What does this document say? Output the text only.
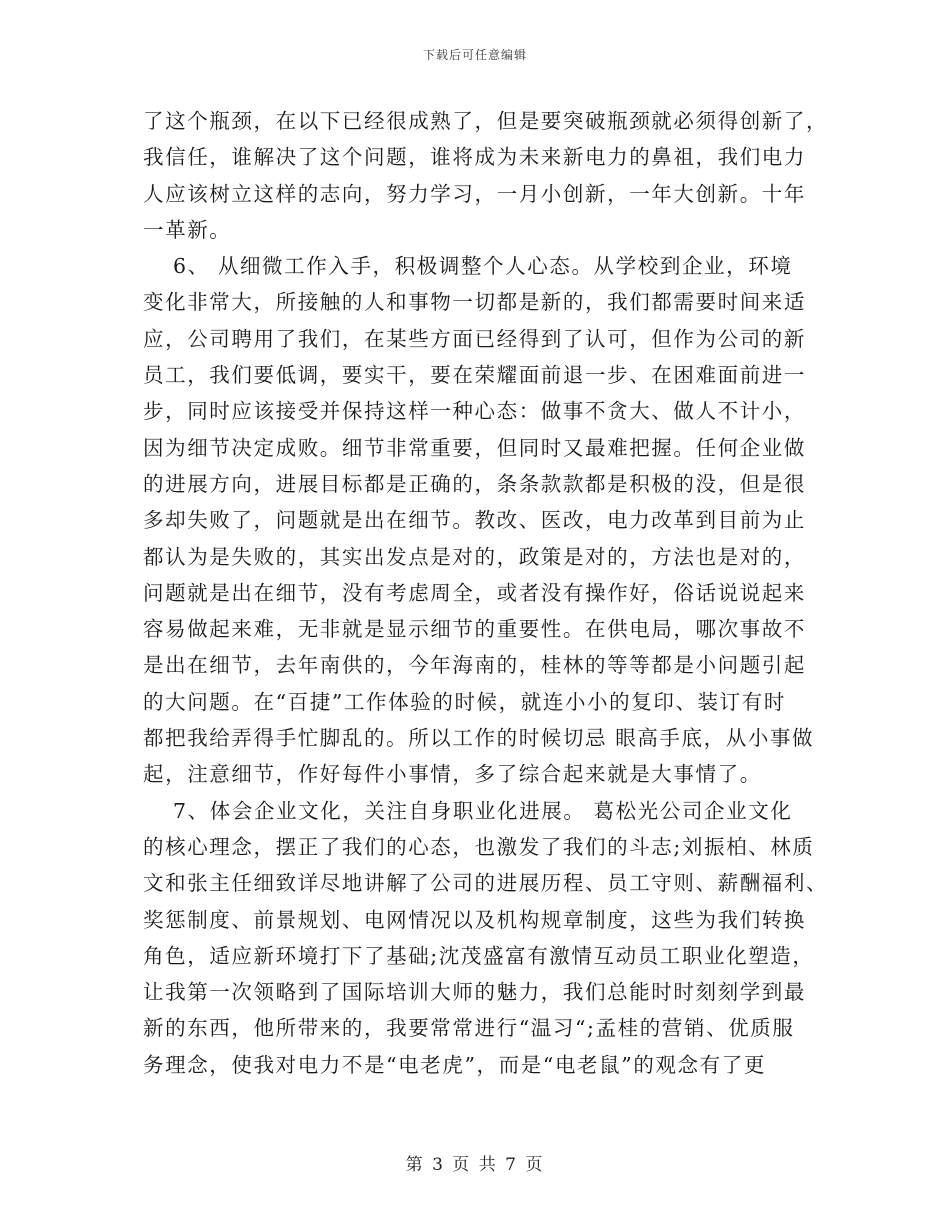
下载后可任意编辑
了这个瓶颈，在以下已经很成熟了，但是要突破瓶颈就必须得创新了，
我信任，谁解决了这个问题，谁将成为未来新电力的鼻祖，我们电力
人应该树立这样的志向，努力学习，一月小创新，一年大创新。十年
一革新。
6、 从细微工作入手，积极调整个人心态。从学校到企业，环境
变化非常大，所接触的人和事物一切都是新的，我们都需要时间来适
应，公司聘用了我们，在某些方面已经得到了认可，但作为公司的新
员工，我们要低调，要实干，要在荣耀面前退一步、在困难面前进一
步，同时应该接受并保持这样一种心态：做事不贪大、做人不计小，
因为细节决定成败。细节非常重要，但同时又最难把握。任何企业做
的进展方向，进展目标都是正确的，条条款款都是积极的没，但是很
多却失败了，问题就是出在细节。教改、医改，电力改革到目前为止
都认为是失败的，其实出发点是对的，政策是对的，方法也是对的，
问题就是出在细节，没有考虑周全，或者没有操作好，俗话说说起来
容易做起来难，无非就是显示细节的重要性。在供电局，哪次事故不
是出在细节，去年南供的，今年海南的，桂林的等等都是小问题引起
的大问题。在“百捷”工作体验的时候，就连小小的复印、装订有时
都把我给弄得手忙脚乱的。所以工作的时候切忌 眼高手底，从小事做
起，注意细节，作好每件小事情，多了综合起来就是大事情了。
7、体会企业文化，关注自身职业化进展。 葛松光公司企业文化
的核心理念，摆正了我们的心态，也激发了我们的斗志;刘振柏、林质
文和张主任细致详尽地讲解了公司的进展历程、员工守则、薪酬福利、
奖惩制度、前景规划、电网情况以及机构规章制度，这些为我们转换
角色，适应新环境打下了基础;沈茂盛富有激情互动员工职业化塑造，
让我第一次领略到了国际培训大师的魅力，我们总能时时刻刻学到最
新的东西，他所带来的，我要常常进行“温习“;孟桂的营销、优质服
务理念，使我对电力不是“电老虎”，而是“电老鼠”的观念有了更
第 3 页 共 7 页
